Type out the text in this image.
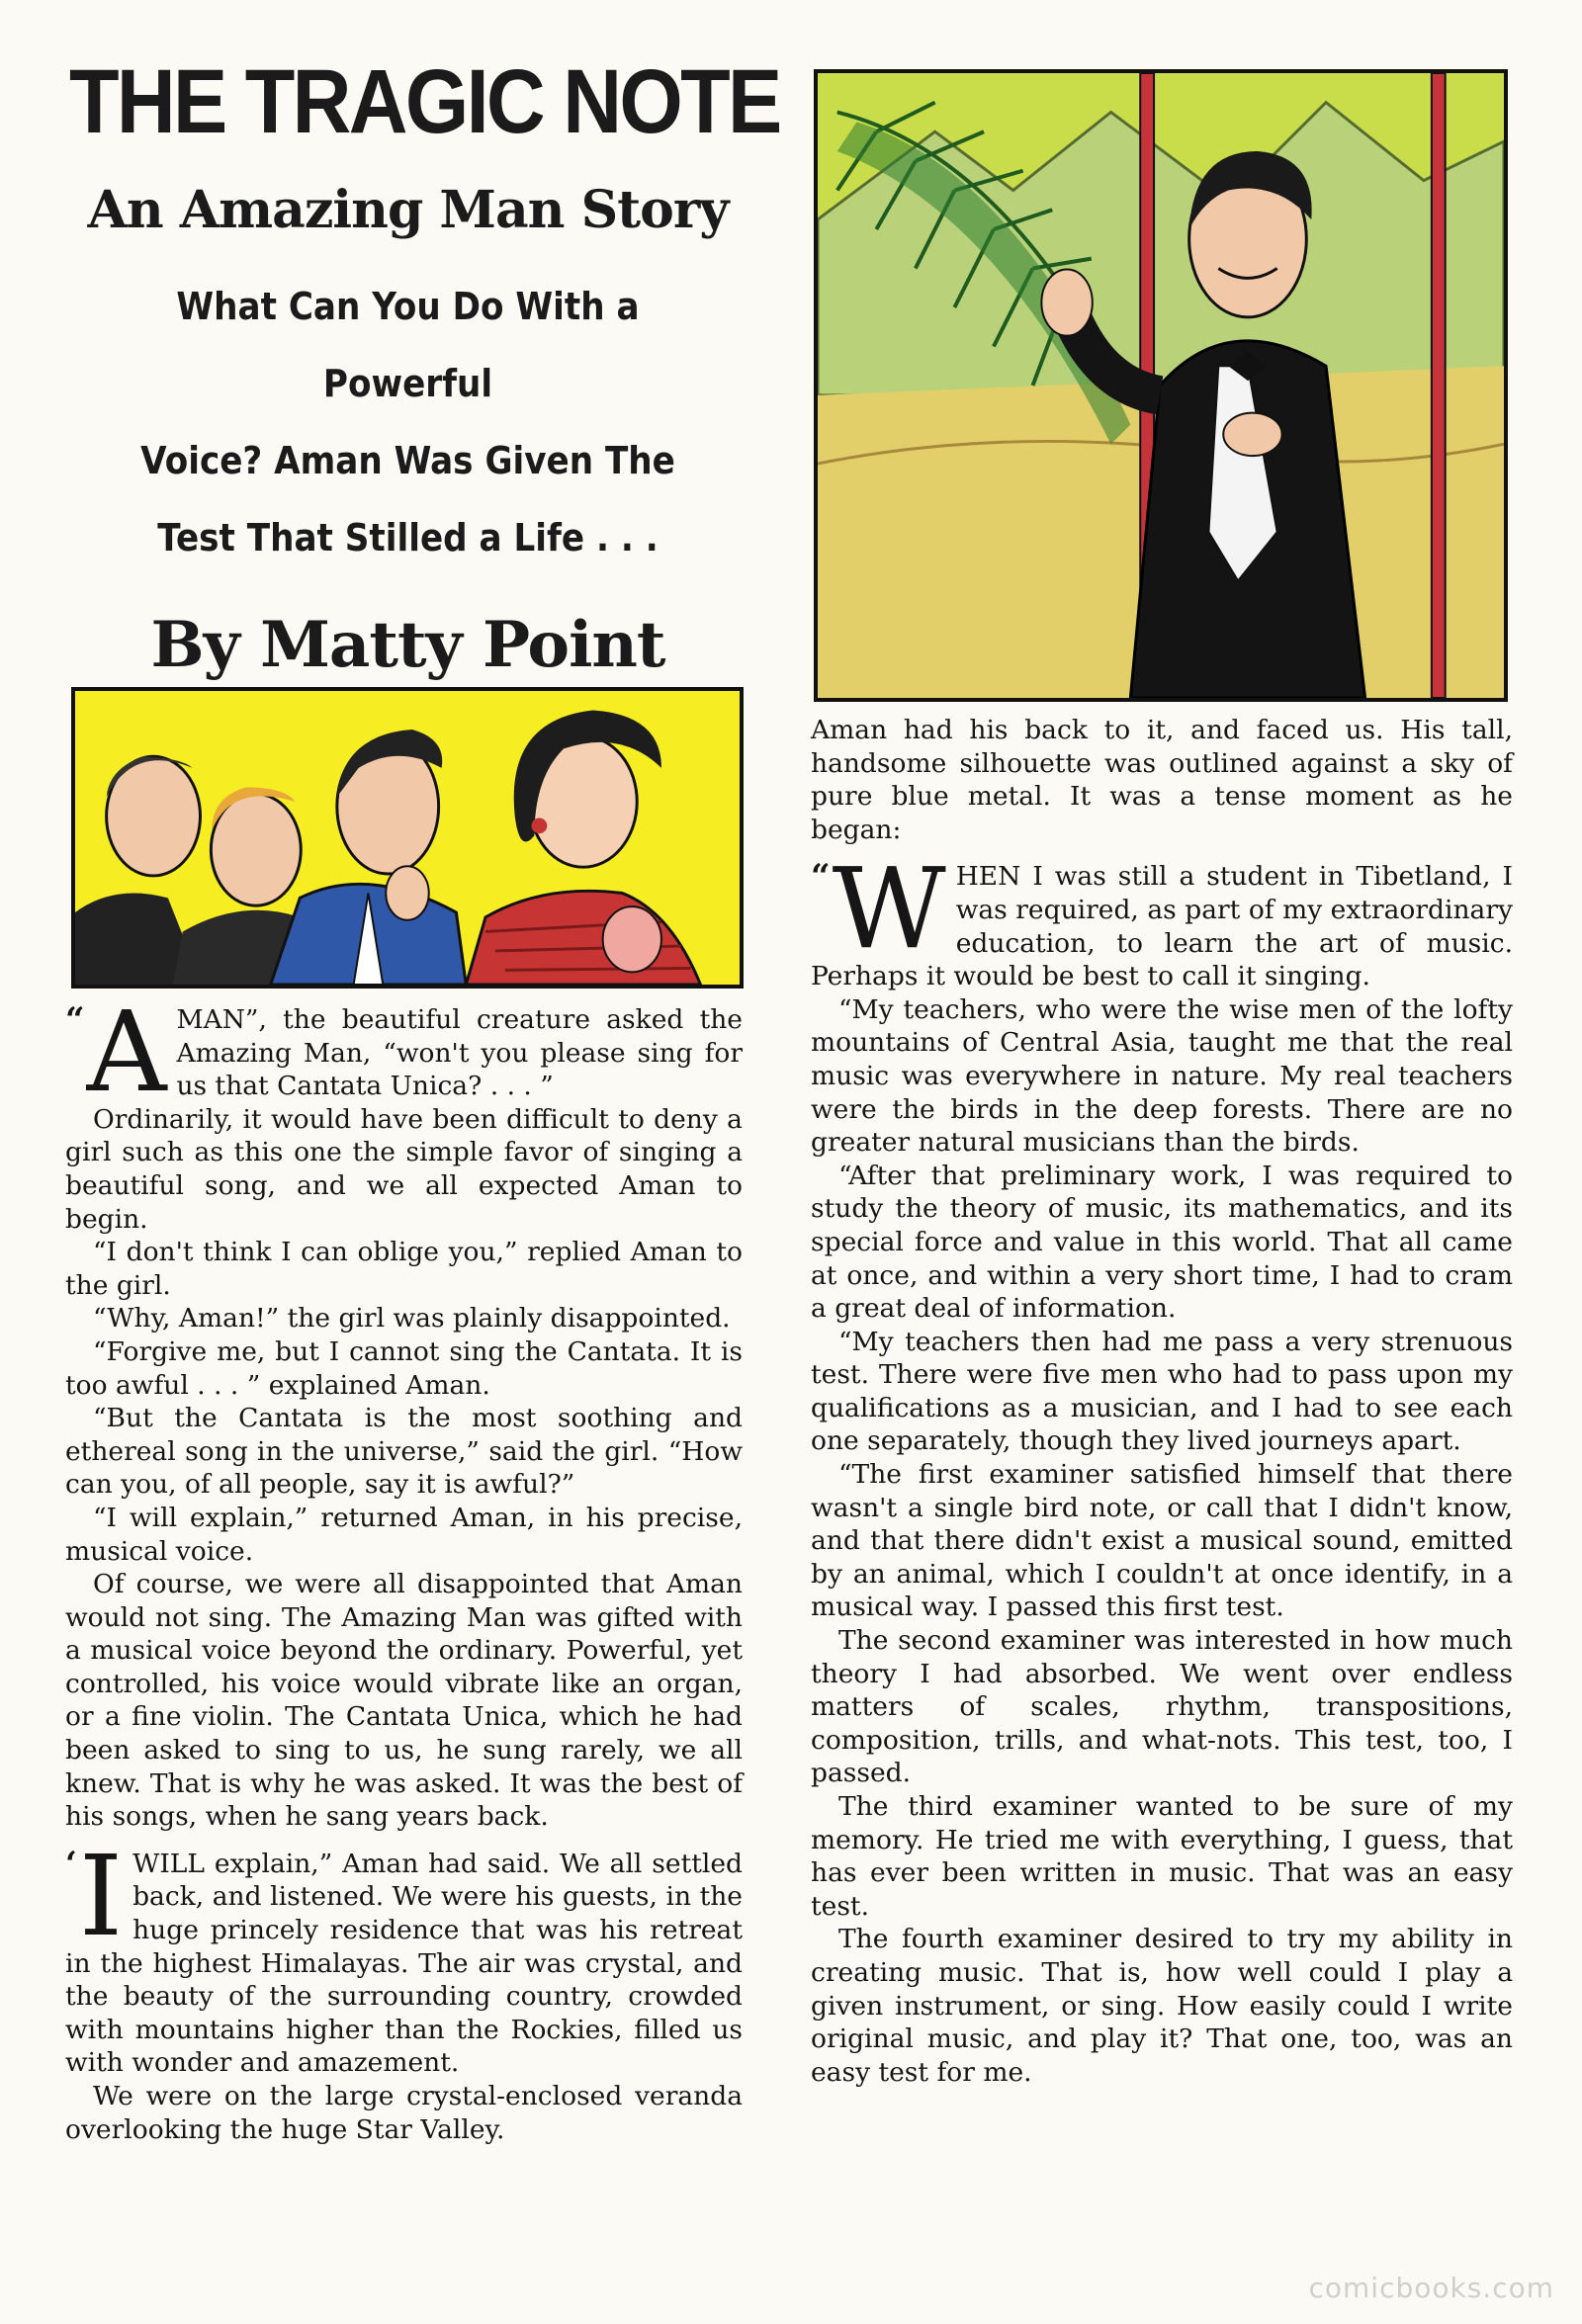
THE TRAGIC NOTE
An Amazing Man Story
What Can You Do With a Powerful
Voice? Aman Was Given The
Test That Stilled a Life . . .
By Matty Point

“ A MAN”, the beautiful creature asked the Amazing Man, “won't you please sing for us that Cantata Unica? . . . ”

Ordinarily, it would have been difficult to deny a girl such as this one the simple favor of singing a beautiful song, and we all expected Aman to begin.

“I don't think I can oblige you,” replied Aman to the girl.

“Why, Aman!” the girl was plainly disappointed.

“Forgive me, but I cannot sing the Cantata. It is too awful . . . ” explained Aman.

“But the Cantata is the most soothing and ethereal song in the universe,” said the girl. “How can you, of all people, say it is awful?”

“I will explain,” returned Aman, in his precise, musical voice.

Of course, we were all disappointed that Aman would not sing. The Amazing Man was gifted with a musical voice beyond the ordinary. Powerful, yet controlled, his voice would vibrate like an organ, or a fine violin. The Cantata Unica, which he had been asked to sing to us, he sung rarely, we all knew. That is why he was asked. It was the best of his songs, when he sang years back.

‘ I WILL explain,” Aman had said. We all settled back, and listened. We were his guests, in the huge princely residence that was his retreat in the highest Himalayas. The air was crystal, and the beauty of the surrounding country, crowded with mountains higher than the Rockies, filled us with wonder and amazement.

We were on the large crystal-enclosed veranda overlooking the huge Star Valley.

Aman had his back to it, and faced us. His tall, handsome silhouette was outlined against a sky of pure blue metal. It was a tense moment as he began:

“ W HEN I was still a student in Tibetland, I was required, as part of my extraordinary education, to learn the art of music. Perhaps it would be best to call it singing.

“My teachers, who were the wise men of the lofty mountains of Central Asia, taught me that the real music was everywhere in nature. My real teachers were the birds in the deep forests. There are no greater natural musicians than the birds.

“After that preliminary work, I was required to study the theory of music, its mathematics, and its special force and value in this world. That all came at once, and within a very short time, I had to cram a great deal of information.

“My teachers then had me pass a very strenuous test. There were five men who had to pass upon my qualifications as a musician, and I had to see each one separately, though they lived journeys apart.

“The first examiner satisfied himself that there wasn't a single bird note, or call that I didn't know, and that there didn't exist a musical sound, emitted by an animal, which I couldn't at once identify, in a musical way. I passed this first test.

The second examiner was interested in how much theory I had absorbed. We went over endless matters of scales, rhythm, transpositions, composition, trills, and what-nots. This test, too, I passed.

The third examiner wanted to be sure of my memory. He tried me with everything, I guess, that has ever been written in music. That was an easy test.

The fourth examiner desired to try my ability in creating music. That is, how well could I play a given instrument, or sing. How easily could I write original music, and play it? That one, too, was an easy test for me.

comicbooks.com
